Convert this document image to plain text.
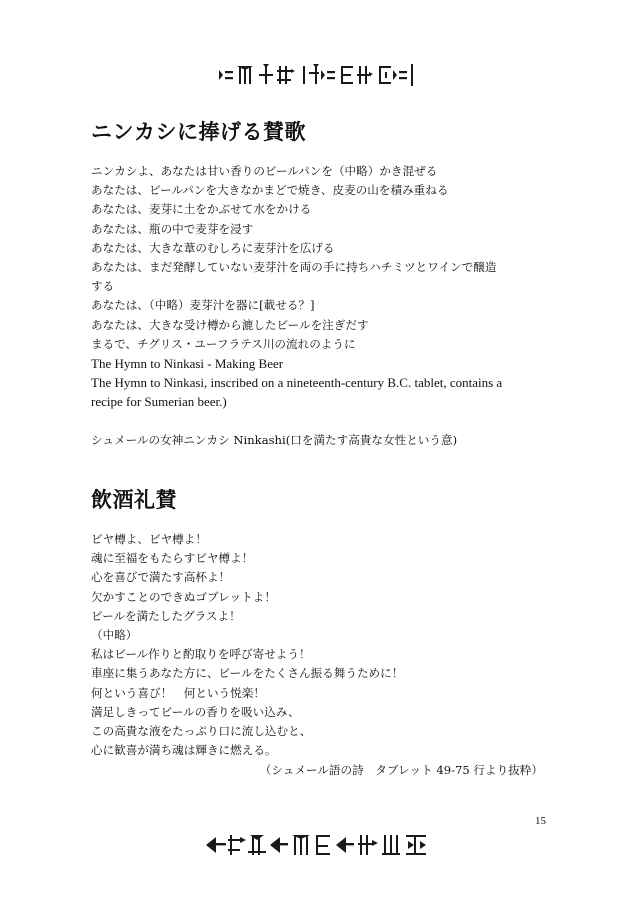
ニンカシに捧げる賛歌
ニンカシよ、あなたは甘い香りのビールパンを（中略）かき混ぜる
あなたは、ビールパンを大きなかまどで焼き、皮麦の山を積み重ねる
あなたは、麦芽に土をかぶせて水をかける
あなたは、瓶の中で麦芽を浸す
あなたは、大きな葦のむしろに麦芽汁を広げる
あなたは、まだ発酵していない麦芽汁を両の手に持ちハチミツとワインで醸造
する
あなたは、（中略）麦芽汁を器に[載せる？]
あなたは、大きな受け樽から漉したビールを注ぎだす
まるで、チグリス・ユーフラテス川の流れのように
The Hymn to Ninkasi - Making Beer
The Hymn to Ninkasi, inscribed on a nineteenth-century B.C. tablet, contains a
recipe for Sumerian beer.)
シュメールの女神ニンカシ Ninkashi(口を満たす高貴な女性という意)
飲酒礼賛
ビヤ樽よ、ビヤ樽よ！
魂に至福をもたらすビヤ樽よ！
心を喜びで満たす高杯よ！
欠かすことのできぬゴブレットよ！
ビールを満たしたグラスよ！
（中略）
私はビール作りと酌取りを呼び寄せよう！
車座に集うあなた方に、ビールをたくさん振る舞うために！
何という喜び！　何という悦楽！
満足しきってビールの香りを吸い込み、
この高貴な液をたっぷり口に流し込むと、
心に歓喜が満ち魂は輝きに燃える。
（シュメール語の詩　タブレット 49-75 行より抜粋）
15
